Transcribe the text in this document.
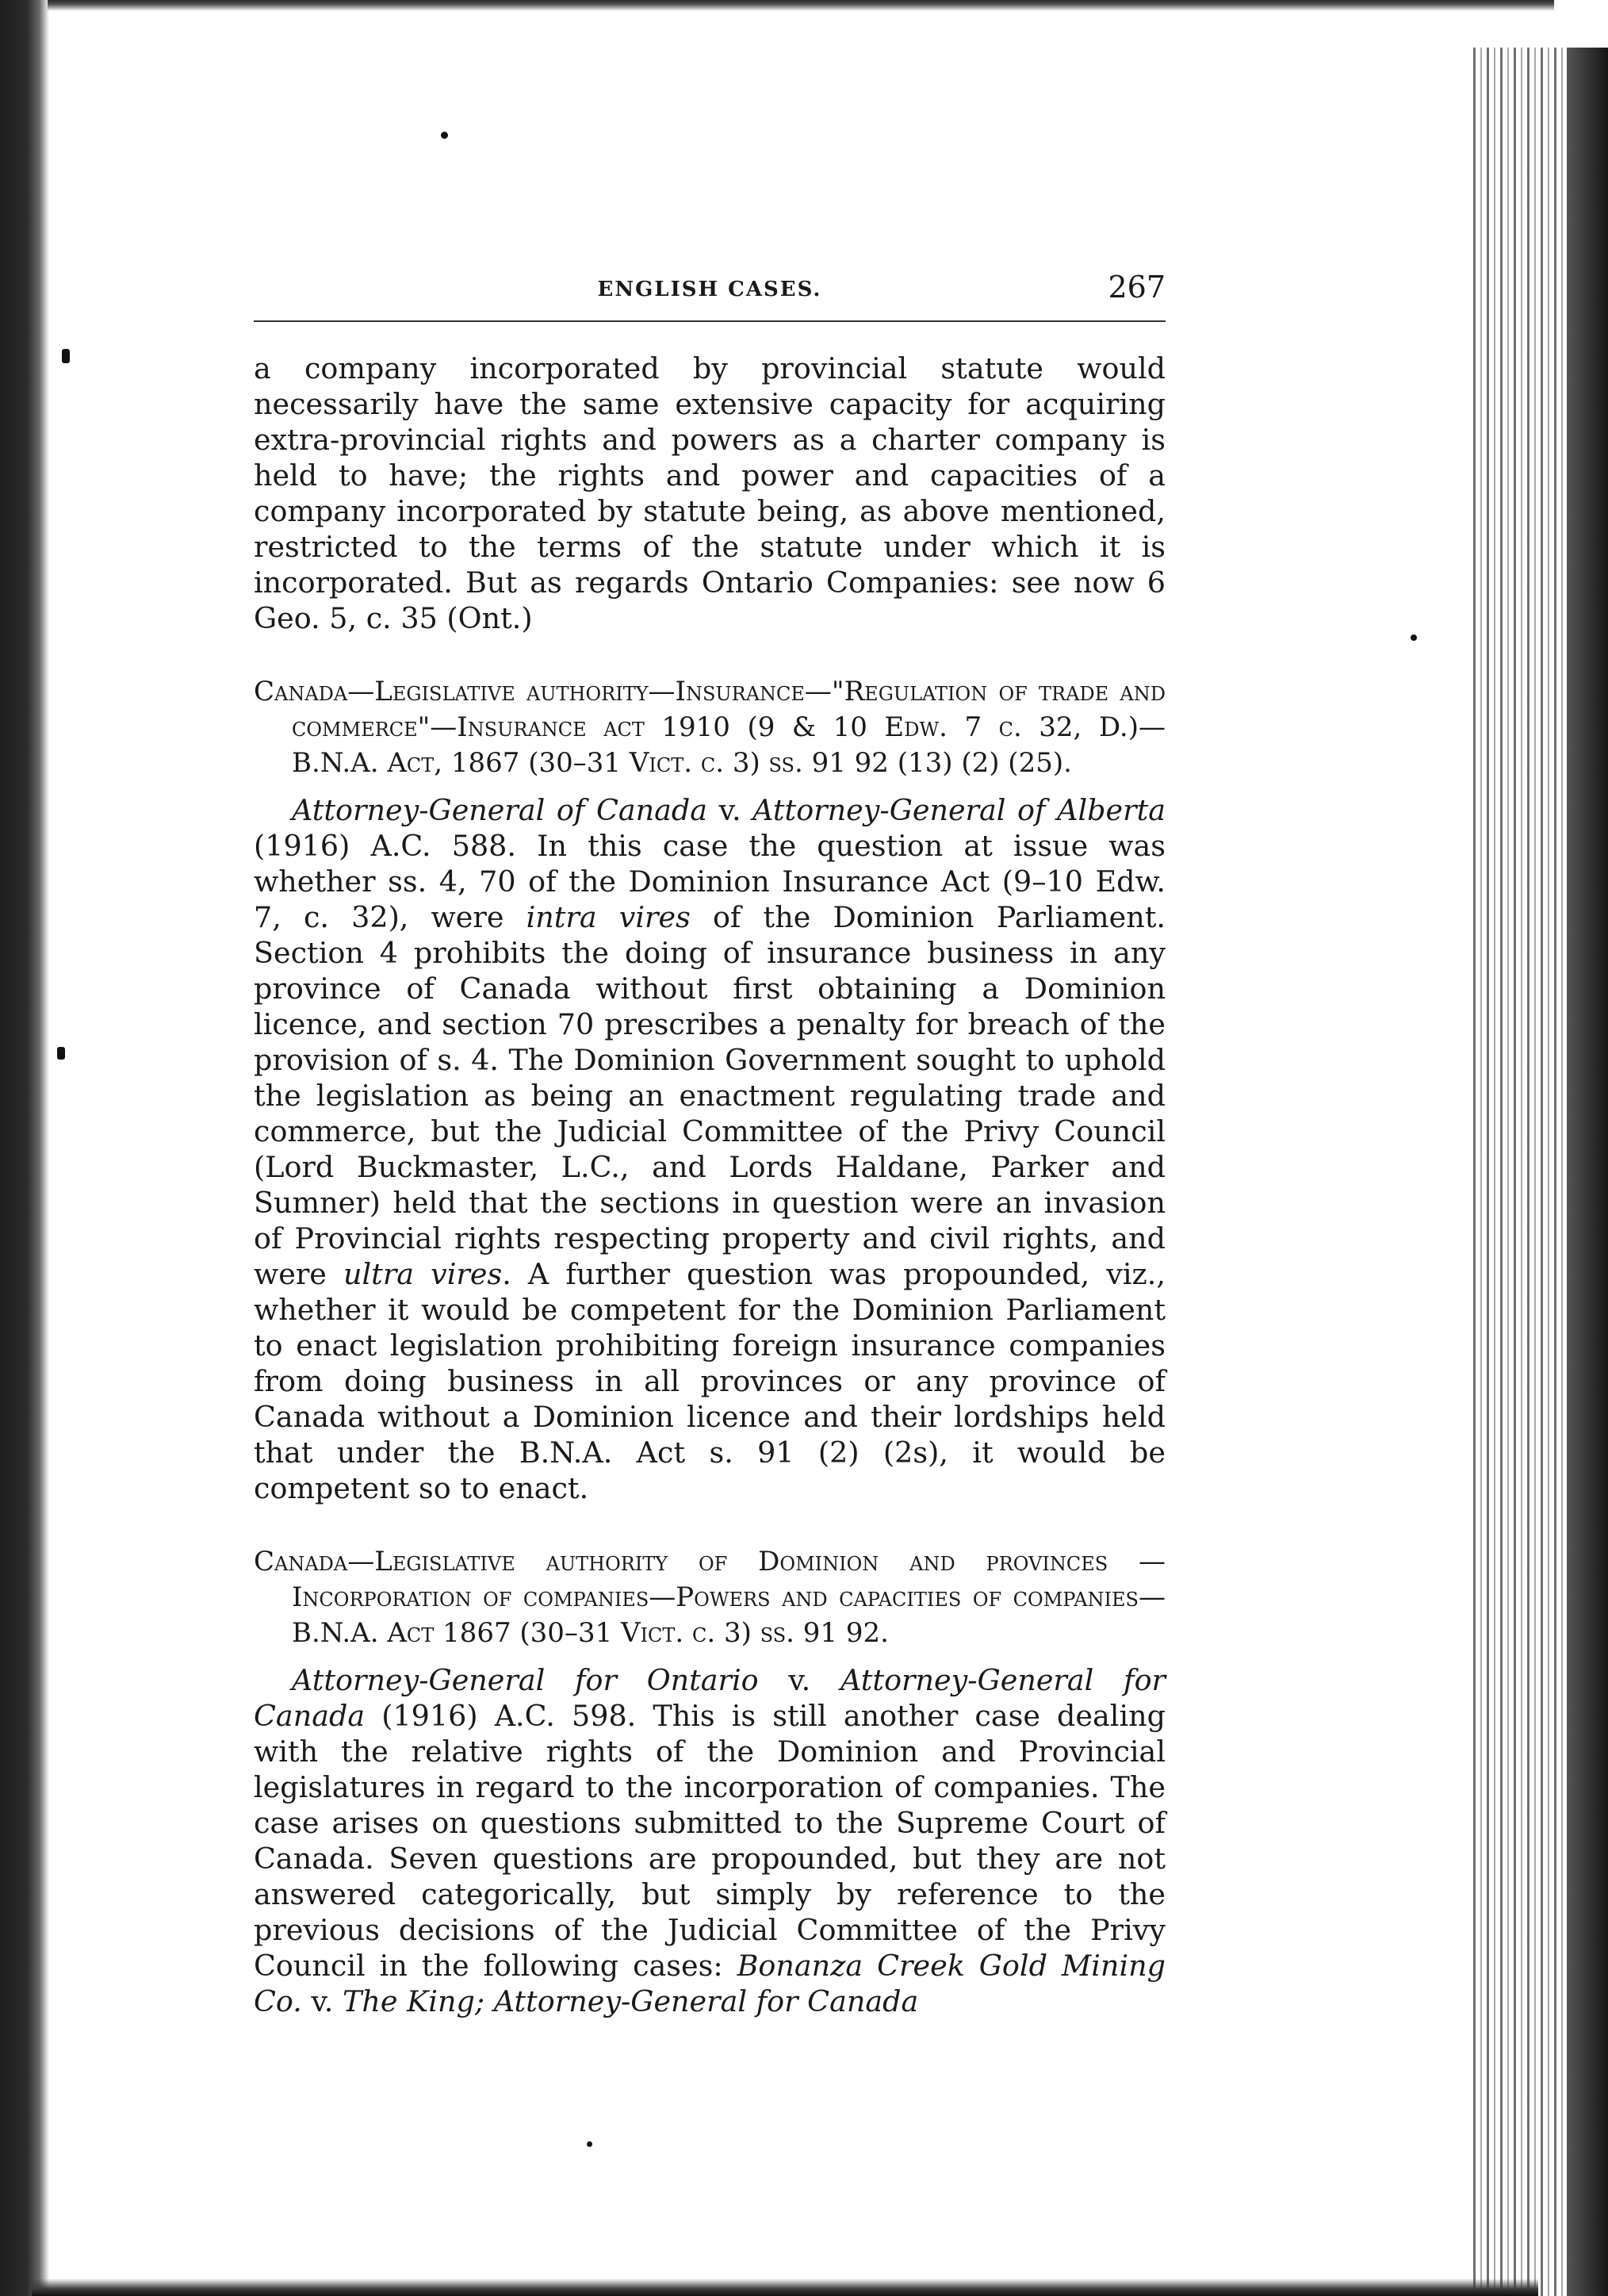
ENGLISH CASES.	267

a company incorporated by provincial statute would necessarily have the same extensive capacity for acquiring extra-provincial rights and powers as a charter company is held to have; the rights and power and capacities of a company incorporated by statute being, as above mentioned, restricted to the terms of the statute under which it is incorporated. But as regards Ontario Companies: see now 6 Geo. 5, c. 35 (Ont.)

Canada—Legislative authority—Insurance—"Regulation of trade and commerce"—Insurance act 1910 (9 & 10 Edw. 7 c. 32, D.)—B.N.A. Act, 1867 (30–31 Vict. c. 3) ss. 91 92 (13) (2) (25).

Attorney-General of Canada v. Attorney-General of Alberta (1916) A.C. 588. In this case the question at issue was whether ss. 4, 70 of the Dominion Insurance Act (9–10 Edw. 7, c. 32), were intra vires of the Dominion Parliament. Section 4 prohibits the doing of insurance business in any province of Canada without first obtaining a Dominion licence, and section 70 prescribes a penalty for breach of the provision of s. 4. The Dominion Government sought to uphold the legislation as being an enactment regulating trade and commerce, but the Judicial Committee of the Privy Council (Lord Buckmaster, L.C., and Lords Haldane, Parker and Sumner) held that the sections in question were an invasion of Provincial rights respecting property and civil rights, and were ultra vires. A further question was propounded, viz., whether it would be competent for the Dominion Parliament to enact legislation prohibiting foreign insurance companies from doing business in all provinces or any province of Canada without a Dominion licence and their lordships held that under the B.N.A. Act s. 91 (2) (2s), it would be competent so to enact.

Canada—Legislative authority of Dominion and provinces —Incorporation of companies—Powers and capacities of companies—B.N.A. Act 1867 (30–31 Vict. c. 3) ss. 91 92.

Attorney-General for Ontario v. Attorney-General for Canada (1916) A.C. 598. This is still another case dealing with the relative rights of the Dominion and Provincial legislatures in regard to the incorporation of companies. The case arises on questions submitted to the Supreme Court of Canada. Seven questions are propounded, but they are not answered categorically, but simply by reference to the previous decisions of the Judicial Committee of the Privy Council in the following cases: Bonanza Creek Gold Mining Co. v. The King; Attorney-General for Canada
